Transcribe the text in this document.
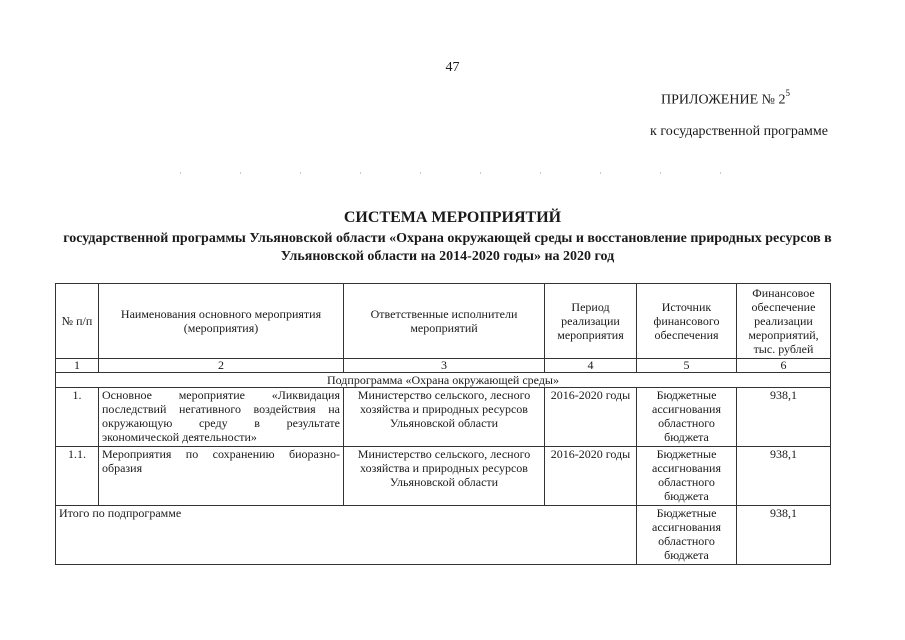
47
ПРИЛОЖЕНИЕ № $2^5$
к государственной программе
СИСТЕМА МЕРОПРИЯТИЙ
государственной программы Ульяновской области «Охрана окружающей среды и восстановление природных ресурсов в Ульяновской области на 2014-2020 годы» на 2020 год
№ п/п	Наименования основного мероприятия (мероприятия)	Ответственные исполнители мероприятий	Период реализации мероприятия	Источник финансового обеспечения	Финансовое обеспечение реализации мероприятий, тыс. рублей
1	2	3	4	5	6
Подпрограмма «Охрана окружающей среды»					
1.	Основное мероприятие «Ликвидация последствий негативного воздействия на окружающую среду в результате экономической деятельности»	Министерство сельского, лесного хозяйства и природных ресурсов Ульяновской области	2016-2020 годы	Бюджетные ассигнования областного бюджета	938,1
1.1.	Мероприятия по сохранению биоразно-образия	Министерство сельского, лесного хозяйства и природных ресурсов Ульяновской области	2016-2020 годы	Бюджетные ассигнования областного бюджета	938,1
Итого по подпрограмме				Бюджетные ассигнования областного бюджета	938,1
